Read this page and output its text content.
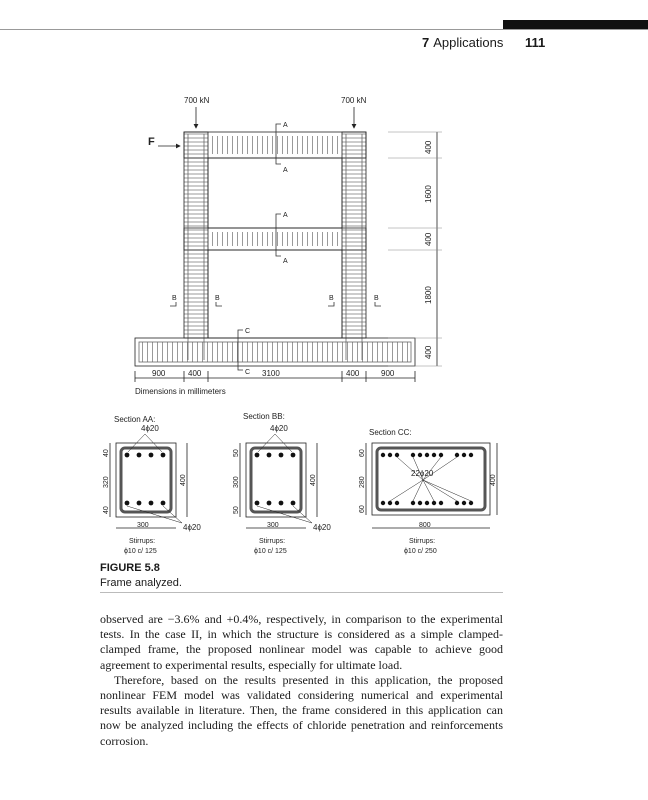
7 Applications 111
700 kN	700 kN
F
A
A
A
A
B	B	B	B
C
C
400
1600
400
1800
400
900	400	3100	400	900
Dimensions in millimeters
Section AA:
4ϕ20
40
320
40
400
300	4ϕ20
Stirrups:
ϕ10 c/ 125
Section BB:
4ϕ20
50
300
50
400
300	4ϕ20
Stirrups:
ϕ10 c/ 125
Section CC:
22ϕ20
60
280
60
400
800
Stirrups:
ϕ10 c/ 250
FIGURE 5.8
Frame analyzed.

observed are −3.6% and +0.4%, respectively, in comparison to the experimental tests. In the case II, in which the structure is considered as a simple clamped-clamped frame, the proposed nonlinear model was capable to achieve good agreement to experimental results, especially for ultimate load.

Therefore, based on the results presented in this application, the proposed nonlinear FEM model was validated considering numerical and experimental results available in literature. Then, the frame considered in this application can now be analyzed including the effects of chloride penetration and reinforcements corrosion.
